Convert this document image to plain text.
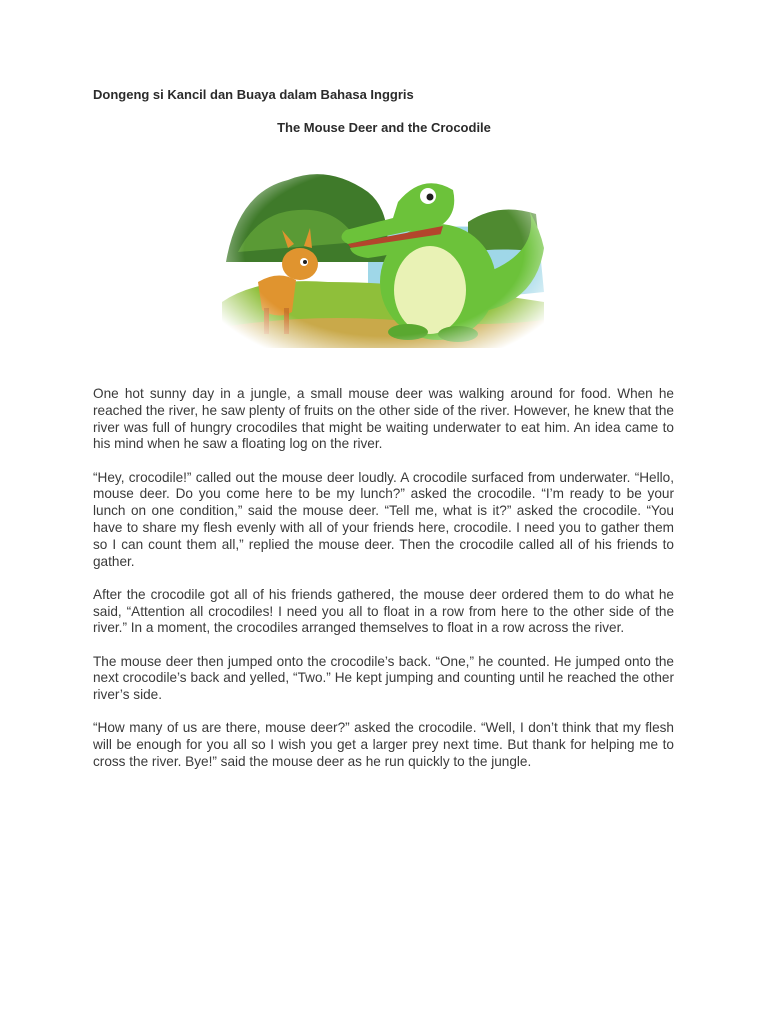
Dongeng si Kancil dan Buaya dalam Bahasa Inggris
The Mouse Deer and the Crocodile

One hot sunny day in a jungle, a small mouse deer was walking around for food. When he reached the river, he saw plenty of fruits on the other side of the river. However, he knew that the river was full of hungry crocodiles that might be waiting underwater to eat him. An idea came to his mind when he saw a floating log on the river.

“Hey, crocodile!” called out the mouse deer loudly. A crocodile surfaced from underwater. “Hello, mouse deer. Do you come here to be my lunch?” asked the crocodile. “I’m ready to be your lunch on one condition,” said the mouse deer. “Tell me, what is it?” asked the crocodile. “You have to share my flesh evenly with all of your friends here, crocodile. I need you to gather them so I can count them all,” replied the mouse deer. Then the crocodile called all of his friends to gather.

After the crocodile got all of his friends gathered, the mouse deer ordered them to do what he said, “Attention all crocodiles! I need you all to float in a row from here to the other side of the river.” In a moment, the crocodiles arranged themselves to float in a row across the river.

The mouse deer then jumped onto the crocodile’s back. “One,” he counted. He jumped onto the next crocodile’s back and yelled, “Two.” He kept jumping and counting until he reached the other river’s side.

“How many of us are there, mouse deer?” asked the crocodile. “Well, I don’t think that my flesh will be enough for you all so I wish you get a larger prey next time. But thank for helping me to cross the river. Bye!” said the mouse deer as he run quickly to the jungle.
